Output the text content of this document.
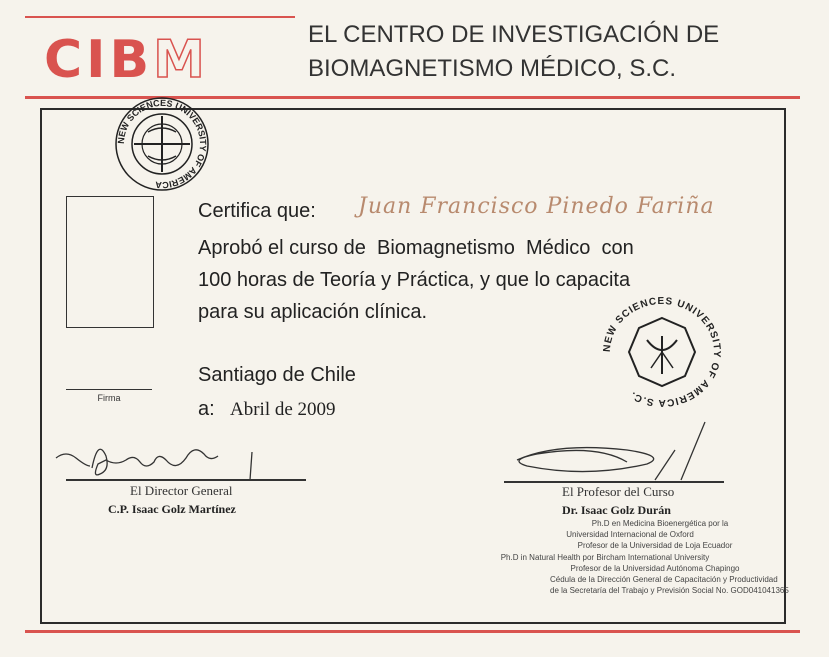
CIBM	EL CENTRO DE INVESTIGACIÓN DE
BIOMAGNETISMO MÉDICO, S.C.
NEW SCIENCES UNIVERSITY OF AMERICA
Firma
Certifica que: Juan Francisco Pinedo Fariña
Aprobó el curso de  Biomagnetismo  Médico  con
100 horas de Teoría y Práctica, y que lo capacita
para su aplicación clínica.
NEW SCIENCES UNIVERSITY OF AMERICA S.C.
Santiago de Chile
a: Abril de 2009
El Director General
C.P. Isaac Golz Martínez
El Profesor del Curso
Dr. Isaac Golz Durán
Ph.D en Medicina Bioenergética por la
Universidad Internacional de Oxford
Profesor de la Universidad de Loja Ecuador
Ph.D in Natural Health por Bircham International University
Profesor de la Universidad Autónoma Chapingo
Cédula de la Dirección General de Capacitación y Productividad
de la Secretaría del Trabajo y Previsión Social No. GOD041041365
